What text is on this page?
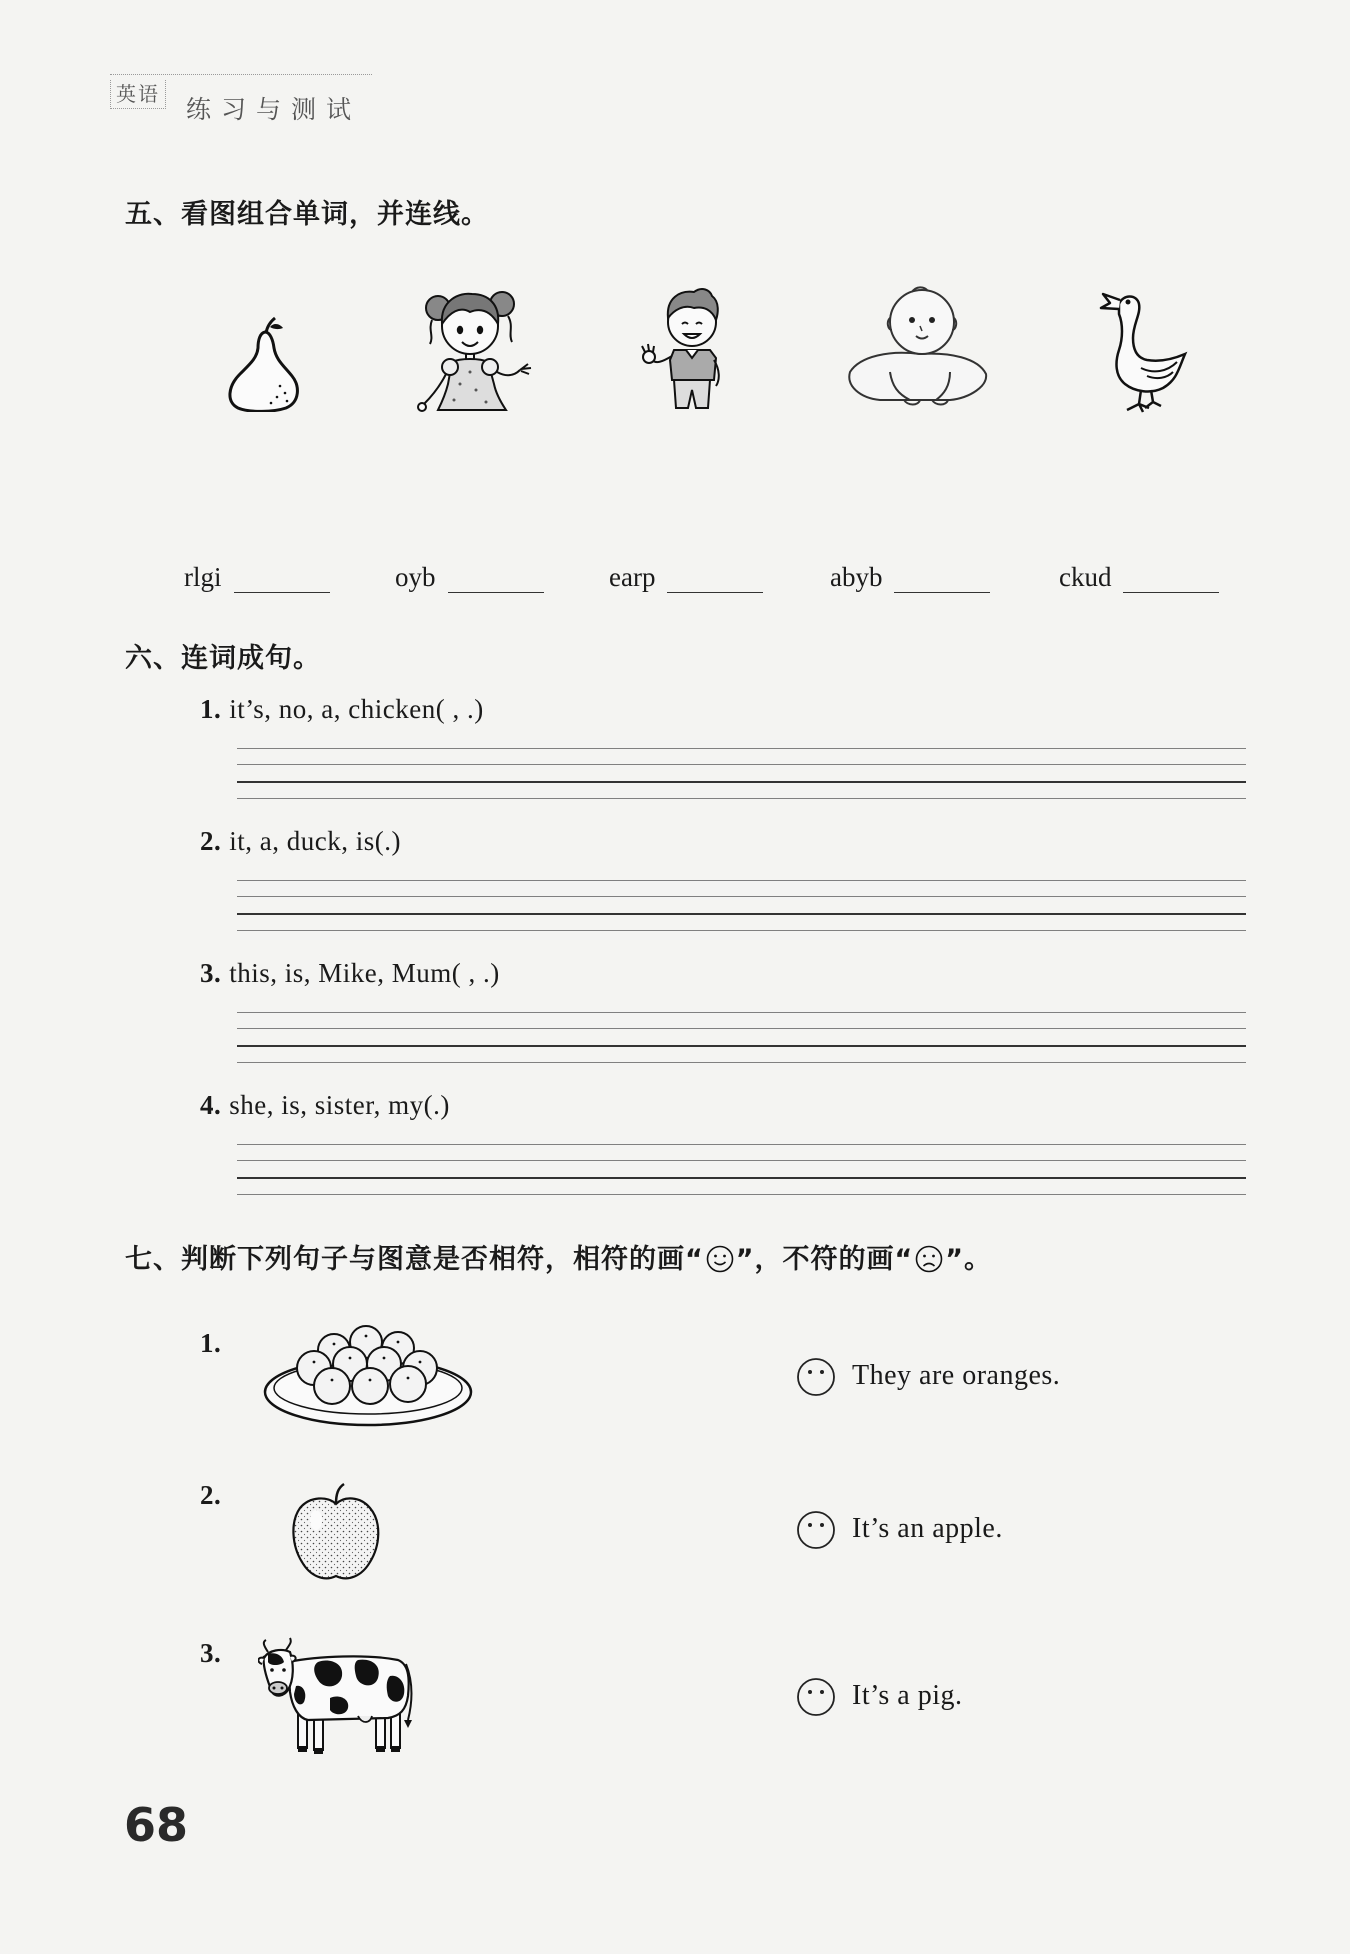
英语
练习与测试
五、看图组合单词，并连线。
rlgi	oyb	earp	abyb	ckud
六、连词成句。
1. it’s, no, a, chicken( , .)
2. it, a, duck, is(.)
3. this, is, Mike, Mum( , .)
4. she, is, sister, my(.)
七、判断下列句子与图意是否相符，相符的画“ ”，不符的画“ ”。
1.
They are oranges.
2.
It’s an apple.
3.
It’s a pig.
68
